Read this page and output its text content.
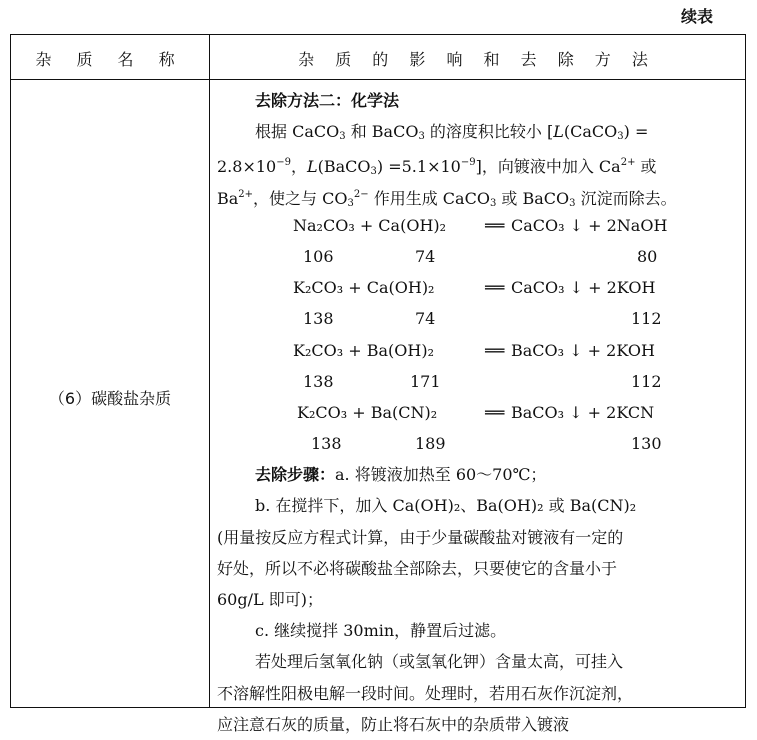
续表
杂 质 名 称	杂 质 的 影 响 和 去 除 方 法
（6）碳酸盐杂质
去除方法二：化学法
根据 CaCO$_3$ 和 BaCO$_3$ 的溶度积比较小 [L(CaCO$_3$) =
$2.8\times 10^{-9}$，L(BaCO$_3$) $=5.1\times 10^{-9}$]，向镀液中加入 $Ca^{2+}$ 或
$Ba^{2+}$，使之与 $CO_3^{2-}$ 作用生成 CaCO$_3$ 或 BaCO$_3$ 沉淀而除去。
Na₂CO₃ + Ca(OH)₂ ══ CaCO₃ ↓ + 2NaOH
106	74	80
K₂CO₃ + Ca(OH)₂	══ CaCO₃ ↓ + 2KOH
138	74	112
K₂CO₃ + Ba(OH)₂	══ BaCO₃ ↓ + 2KOH
138	171	112
K₂CO₃ + Ba(CN)₂	══ BaCO₃ ↓ + 2KCN
138	189	130
去除步骤：a. 将镀液加热至 60～70℃；
b. 在搅拌下，加入 Ca(OH)₂、Ba(OH)₂ 或 Ba(CN)₂
(用量按反应方程式计算，由于少量碳酸盐对镀液有一定的
好处，所以不必将碳酸盐全部除去，只要使它的含量小于
60g/L 即可)；
c. 继续搅拌 30min，静置后过滤。
若处理后氢氧化钠（或氢氧化钾）含量太高，可挂入
不溶解性阳极电解一段时间。处理时，若用石灰作沉淀剂，
应注意石灰的质量，防止将石灰中的杂质带入镀液
